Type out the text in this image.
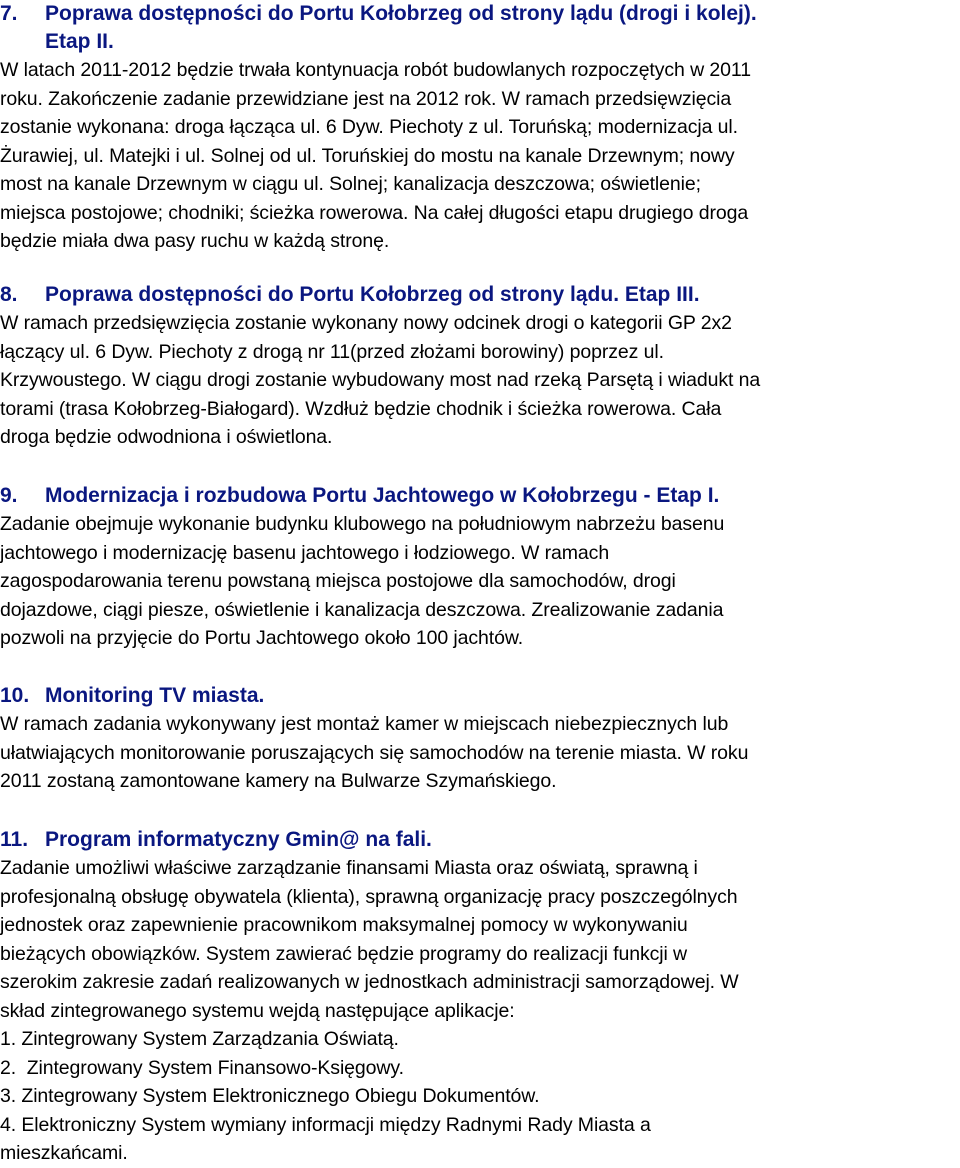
7. Poprawa dostępności do Portu Kołobrzeg od strony lądu (drogi i kolej).
Etap II.

W latach 2011-2012 będzie trwała kontynuacja robót budowlanych rozpoczętych w 2011

roku. Zakończenie zadanie przewidziane jest na 2012 rok. W ramach przedsięwzięcia

zostanie wykonana: droga łącząca ul. 6 Dyw. Piechoty z ul. Toruńską; modernizacja ul.

Żurawiej, ul. Matejki i ul. Solnej od ul. Toruńskiej do mostu na kanale Drzewnym; nowy

most na kanale Drzewnym w ciągu ul. Solnej; kanalizacja deszczowa; oświetlenie;

miejsca postojowe; chodniki; ścieżka rowerowa. Na całej długości etapu drugiego droga

będzie miała dwa pasy ruchu w każdą stronę.

8. Poprawa dostępności do Portu Kołobrzeg od strony lądu. Etap III.

W ramach przedsięwzięcia zostanie wykonany nowy odcinek drogi o kategorii GP 2x2

łączący ul. 6 Dyw. Piechoty z drogą nr 11(przed złożami borowiny) poprzez ul.

Krzywoustego. W ciągu drogi zostanie wybudowany most nad rzeką Parsętą i wiadukt na

torami (trasa Kołobrzeg-Białogard). Wzdłuż będzie chodnik i ścieżka rowerowa. Cała

droga będzie odwodniona i oświetlona.

9. Modernizacja i rozbudowa Portu Jachtowego w Kołobrzegu - Etap I.

Zadanie obejmuje wykonanie budynku klubowego na południowym nabrzeżu basenu

jachtowego i modernizację basenu jachtowego i łodziowego. W ramach

zagospodarowania terenu powstaną miejsca postojowe dla samochodów, drogi

dojazdowe, ciągi piesze, oświetlenie i kanalizacja deszczowa. Zrealizowanie zadania

pozwoli na przyjęcie do Portu Jachtowego około 100 jachtów.

10. Monitoring TV miasta.

W ramach zadania wykonywany jest montaż kamer w miejscach niebezpiecznych lub

ułatwiających monitorowanie poruszających się samochodów na terenie miasta. W roku

2011 zostaną zamontowane kamery na Bulwarze Szymańskiego.

11. Program informatyczny Gmin@ na fali.

Zadanie umożliwi właściwe zarządzanie finansami Miasta oraz oświatą, sprawną i

profesjonalną obsługę obywatela (klienta), sprawną organizację pracy poszczególnych

jednostek oraz zapewnienie pracownikom maksymalnej pomocy w wykonywaniu

bieżących obowiązków. System zawierać będzie programy do realizacji funkcji w

szerokim zakresie zadań realizowanych w jednostkach administracji samorządowej. W

skład zintegrowanego systemu wejdą następujące aplikacje:

1. Zintegrowany System Zarządzania Oświatą.

2.  Zintegrowany System Finansowo-Księgowy.

3. Zintegrowany System Elektronicznego Obiegu Dokumentów.

4. Elektroniczny System wymiany informacji między Radnymi Rady Miasta a

mieszkańcami.
